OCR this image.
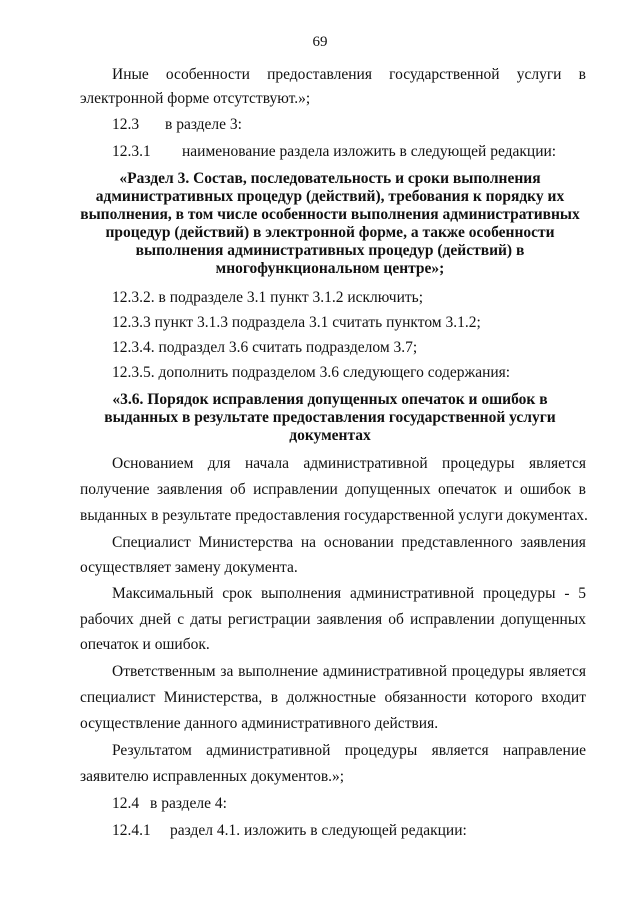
69
Иные особенности предоставления государственной услуги в
электронной форме отсутствуют.»;
12.3 в разделе 3:
12.3.1 наименование раздела изложить в следующей редакции:
«Раздел 3. Состав, последовательность и сроки выполнения
административных процедур (действий), требования к порядку их
выполнения, в том числе особенности выполнения административных
процедур (действий) в электронной форме, а также особенности
выполнения административных процедур (действий) в
многофункциональном центре»;
12.3.2. в подразделе 3.1 пункт 3.1.2 исключить;
12.3.3 пункт 3.1.3 подраздела 3.1 считать пунктом 3.1.2;
12.3.4. подраздел 3.6 считать подразделом 3.7;
12.3.5. дополнить подразделом 3.6 следующего содержания:
«3.6. Порядок исправления допущенных опечаток и ошибок в
выданных в результате предоставления государственной услуги
документах
Основанием для начала административной процедуры является
получение заявления об исправлении допущенных опечаток и ошибок в
выданных в результате предоставления государственной услуги документах.
Специалист Министерства на основании представленного заявления
осуществляет замену документа.
Максимальный срок выполнения административной процедуры - 5
рабочих дней с даты регистрации заявления об исправлении допущенных
опечаток и ошибок.
Ответственным за выполнение административной процедуры является
специалист Министерства, в должностные обязанности которого входит
осуществление данного административного действия.
Результатом административной процедуры является направление
заявителю исправленных документов.»;
12.4 в разделе 4:
12.4.1 раздел 4.1. изложить в следующей редакции:
